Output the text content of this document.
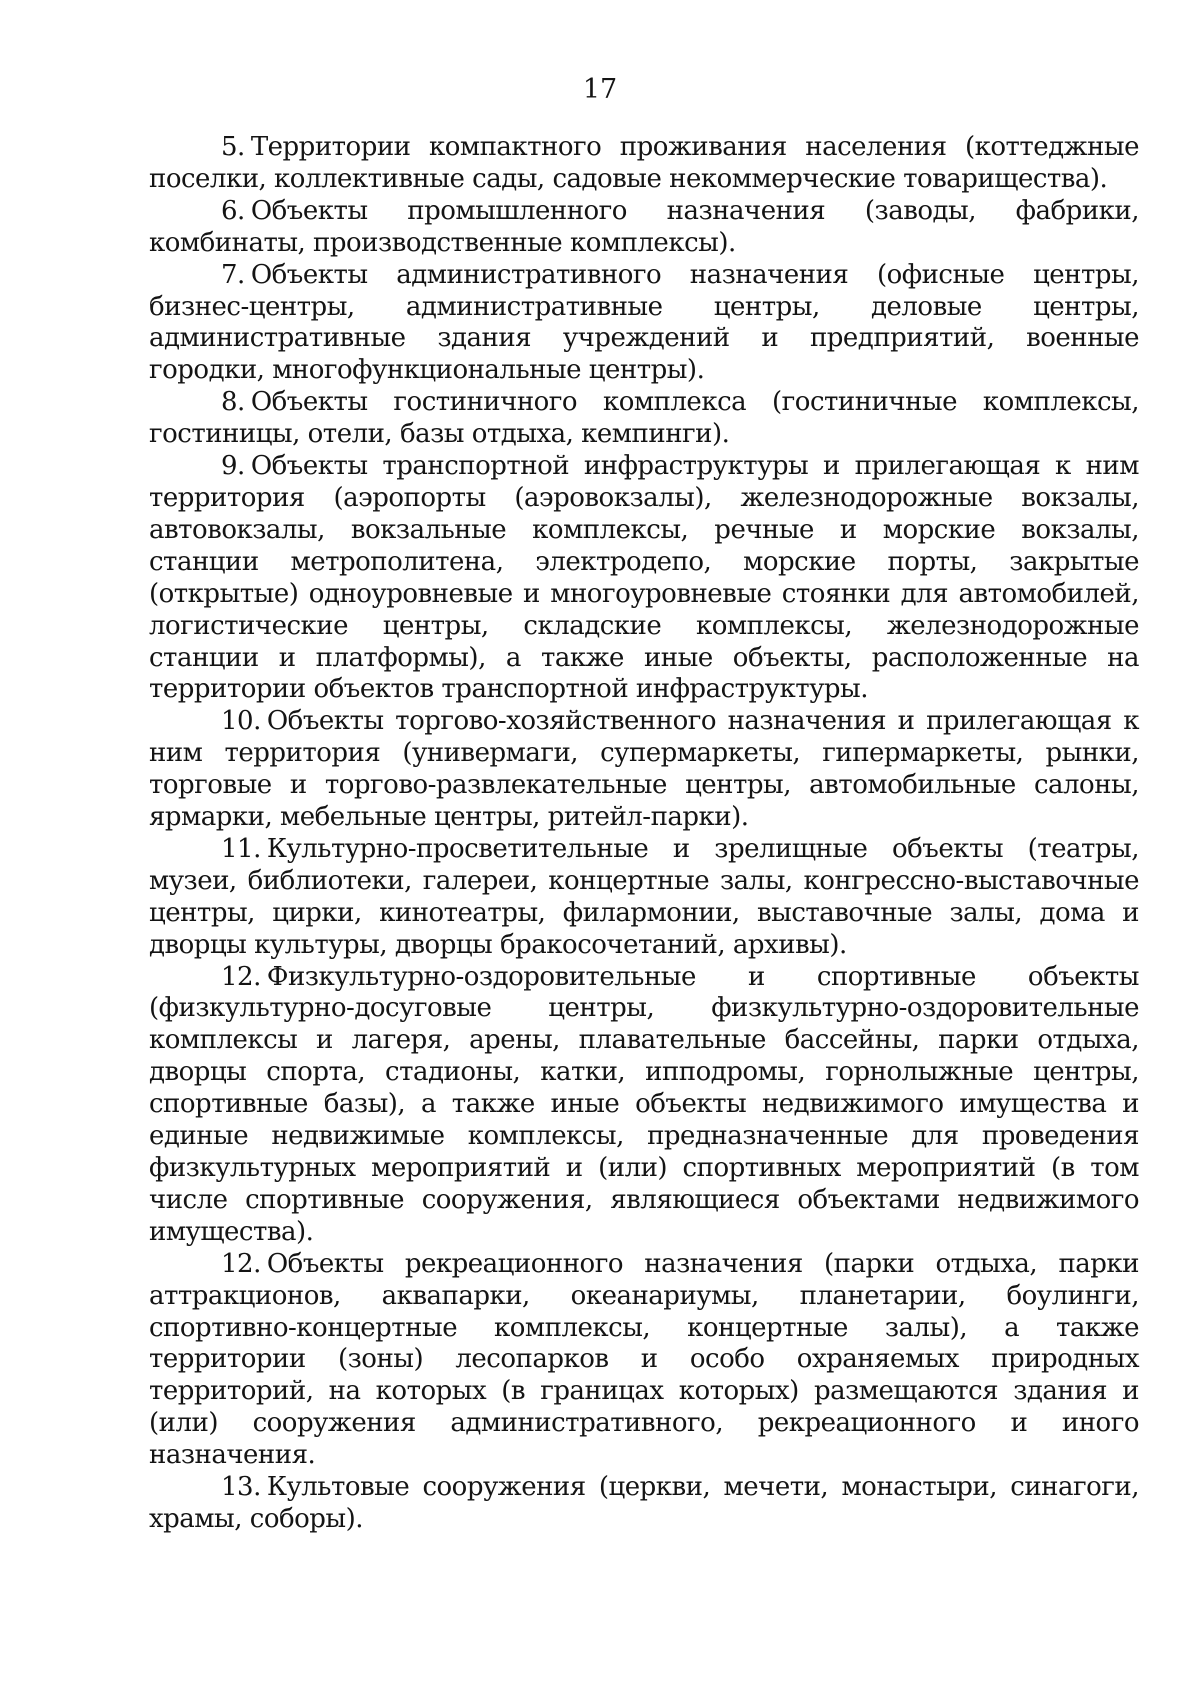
17

5. Территории компактного проживания населения (коттеджные поселки, коллективные сады, садовые некоммерческие товарищества).

6. Объекты промышленного назначения (заводы, фабрики, комбинаты, производственные комплексы).

7. Объекты административного назначения (офисные центры, бизнес-центры, административные центры, деловые центры, административные здания учреждений и предприятий, военные городки, многофункциональные центры).

8. Объекты гостиничного комплекса (гостиничные комплексы, гостиницы, отели, базы отдыха, кемпинги).

9. Объекты транспортной инфраструктуры и прилегающая к ним территория (аэропорты (аэровокзалы), железнодорожные вокзалы, автовокзалы, вокзальные комплексы, речные и морские вокзалы, станции метрополитена, электродепо, морские порты, закрытые (открытые) одноуровневые и многоуровневые стоянки для автомобилей, логистические центры, складские комплексы, железнодорожные станции и платформы), а также иные объекты, расположенные на территории объектов транспортной инфраструктуры.

10. Объекты торгово-хозяйственного назначения и прилегающая к ним территория (универмаги, супермаркеты, гипермаркеты, рынки, торговые и торгово-развлекательные центры, автомобильные салоны, ярмарки, мебельные центры, ритейл-парки).

11. Культурно-просветительные и зрелищные объекты (театры, музеи, библиотеки, галереи, концертные залы, конгрессно-выставочные центры, цирки, кинотеатры, филармонии, выставочные залы, дома и дворцы культуры, дворцы бракосочетаний, архивы).

12. Физкультурно-оздоровительные и спортивные объекты (физкультурно-досуговые центры, физкультурно-оздоровительные комплексы и лагеря, арены, плавательные бассейны, парки отдыха, дворцы спорта, стадионы, катки, ипподромы, горнолыжные центры, спортивные базы), а также иные объекты недвижимого имущества и единые недвижимые комплексы, предназначенные для проведения физкультурных мероприятий и (или) спортивных мероприятий (в том числе спортивные сооружения, являющиеся объектами недвижимого имущества).

12. Объекты рекреационного назначения (парки отдыха, парки аттракционов, аквапарки, океанариумы, планетарии, боулинги, спортивно-концертные комплексы, концертные залы), а также территории (зоны) лесопарков и особо охраняемых природных территорий, на которых (в границах которых) размещаются здания и (или) сооружения административного, рекреационного и иного назначения.

13. Культовые сооружения (церкви, мечети, монастыри, синагоги, храмы, соборы).
